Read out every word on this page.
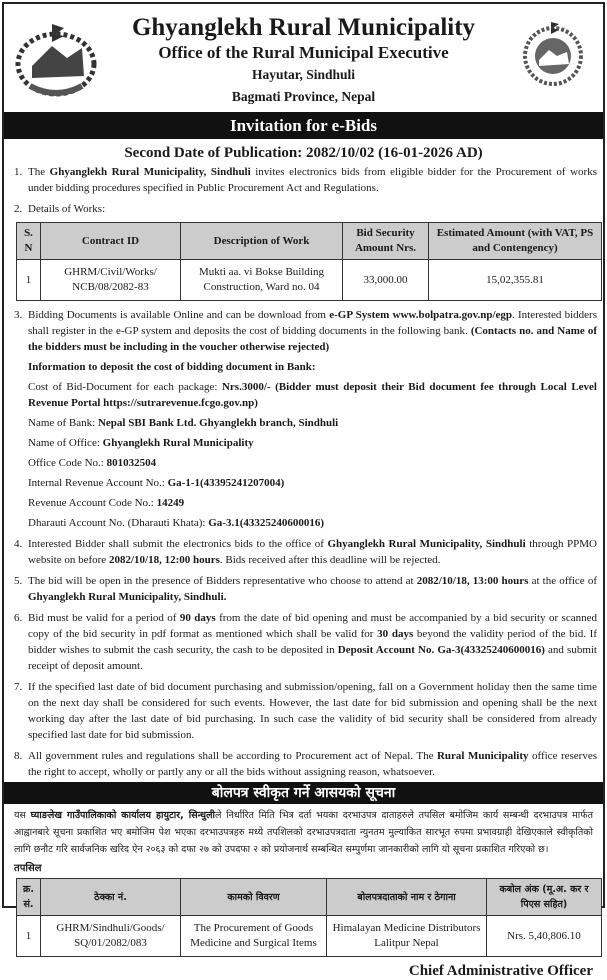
Ghyanglekh Rural Municipality
Office of the Rural Municipal Executive
Hayutar, Sindhuli
Bagmati Province, Nepal
Invitation for e-Bids
Second Date of Publication: 2082/10/02 (16-01-2026 AD)
1. The Ghyanglekh Rural Municipality, Sindhuli invites electronics bids from eligible bidder for the Procurement of works under bidding procedures specified in Public Procurement Act and Regulations.
2. Details of Works:
S. N	Contract ID	Description of Work	Bid Security Amount Nrs.	Estimated Amount (with VAT, PS and Contengency)
1	GHRM/Civil/Works/ NCB/08/2082-83	Mukti aa. vi Bokse Building Construction, Ward no. 04	33,000.00	15,02,355.81
3. Bidding Documents is available Online and can be download from e-GP System www.bolpatra.gov.np/egp. Interested bidders shall register in the e-GP system and deposits the cost of bidding documents in the following bank. (Contacts no. and Name of the bidders must be including in the voucher otherwise rejected)
Information to deposit the cost of bidding document in Bank:
Cost of Bid-Document for each package: Nrs.3000/- (Bidder must deposit their Bid document fee through Local Level Revenue Portal https://sutrarevenue.fcgo.gov.np)
Name of Bank: Nepal SBI Bank Ltd. Ghyanglekh branch, Sindhuli
Name of Office: Ghyanglekh Rural Municipality
Office Code No.: 801032504
Internal Revenue Account No.: Ga-1-1(43395241207004)
Revenue Account Code No.: 14249
Dharauti Account No. (Dharauti Khata): Ga-3.1(43325240600016)
4. Interested Bidder shall submit the electronics bids to the office of Ghyanglekh Rural Municipality, Sindhuli through PPMO website on before 2082/10/18, 12:00 hours. Bids received after this deadline will be rejected.
5. The bid will be open in the presence of Bidders representative who choose to attend at 2082/10/18, 13:00 hours at the office of Ghyanglekh Rural Municipality, Sindhuli.
6. Bid must be valid for a period of 90 days from the date of bid opening and must be accompanied by a bid security or scanned copy of the bid security in pdf format as mentioned which shall be valid for 30 days beyond the validity period of the bid. If bidder wishes to submit the cash security, the cash to be deposited in Deposit Account No. Ga-3(43325240600016) and submit receipt of deposit amount.
7. If the specified last date of bid document purchasing and submission/opening, fall on a Government holiday then the same time on the next day shall be considered for such events. However, the last date for bid submission and opening shall be the next working day after the last date of bid purchasing. In such case the validity of bid security shall be considered from already specified last date for bid submission.
8. All government rules and regulations shall be according to Procurement act of Nepal. The Rural Municipality office reserves the right to accept, wholly or partly any or all the bids without assigning reason, whatsoever.
बोलपत्र स्वीकृत गर्ने आसयको सूचना
यस घ्याङलेख गाउँपालिकाको कार्यालय हायुटार, सिन्धुलीले निर्धारित मिति भित्र दर्ता भयका दरभाउपत्र दाताहरुले तपसिल बमोजिम कार्य सम्बन्धी दरभाउपत्र मार्फत आह्वानबारे सूचना प्रकाशित भए बमोजिम पेश भएका दरभाउपत्रहरु मध्ये तपशिलको दरभाउपत्रदाता न्युनतम मुल्याकित सारभूत रुपमा प्रभावग्राही देखिएकाले स्वीकृतिको लागि छनौट गरि सार्वजनिक खरिद ऐन २०६३ को दफा २७ को उपदफा २ को प्रयोजनार्थ सम्बन्धित सम्पुर्णमा जानकारीको लागि यो सूचना प्रकाशित गरिएको छ।
तपसिल
क्र. सं.	ठेक्का नं.	कामको विवरण	बोलपत्रदाताको नाम र ठेगाना	कबोल अंक (मू.अ. कर र पिएस सहित)
1	GHRM/Sindhuli/Goods/ SQ/01/2082/083	The Procurement of Goods Medicine and Surgical Items	Himalayan Medicine Distributors Lalitpur Nepal	Nrs. 5,40,806.10
Chief Administrative Officer
